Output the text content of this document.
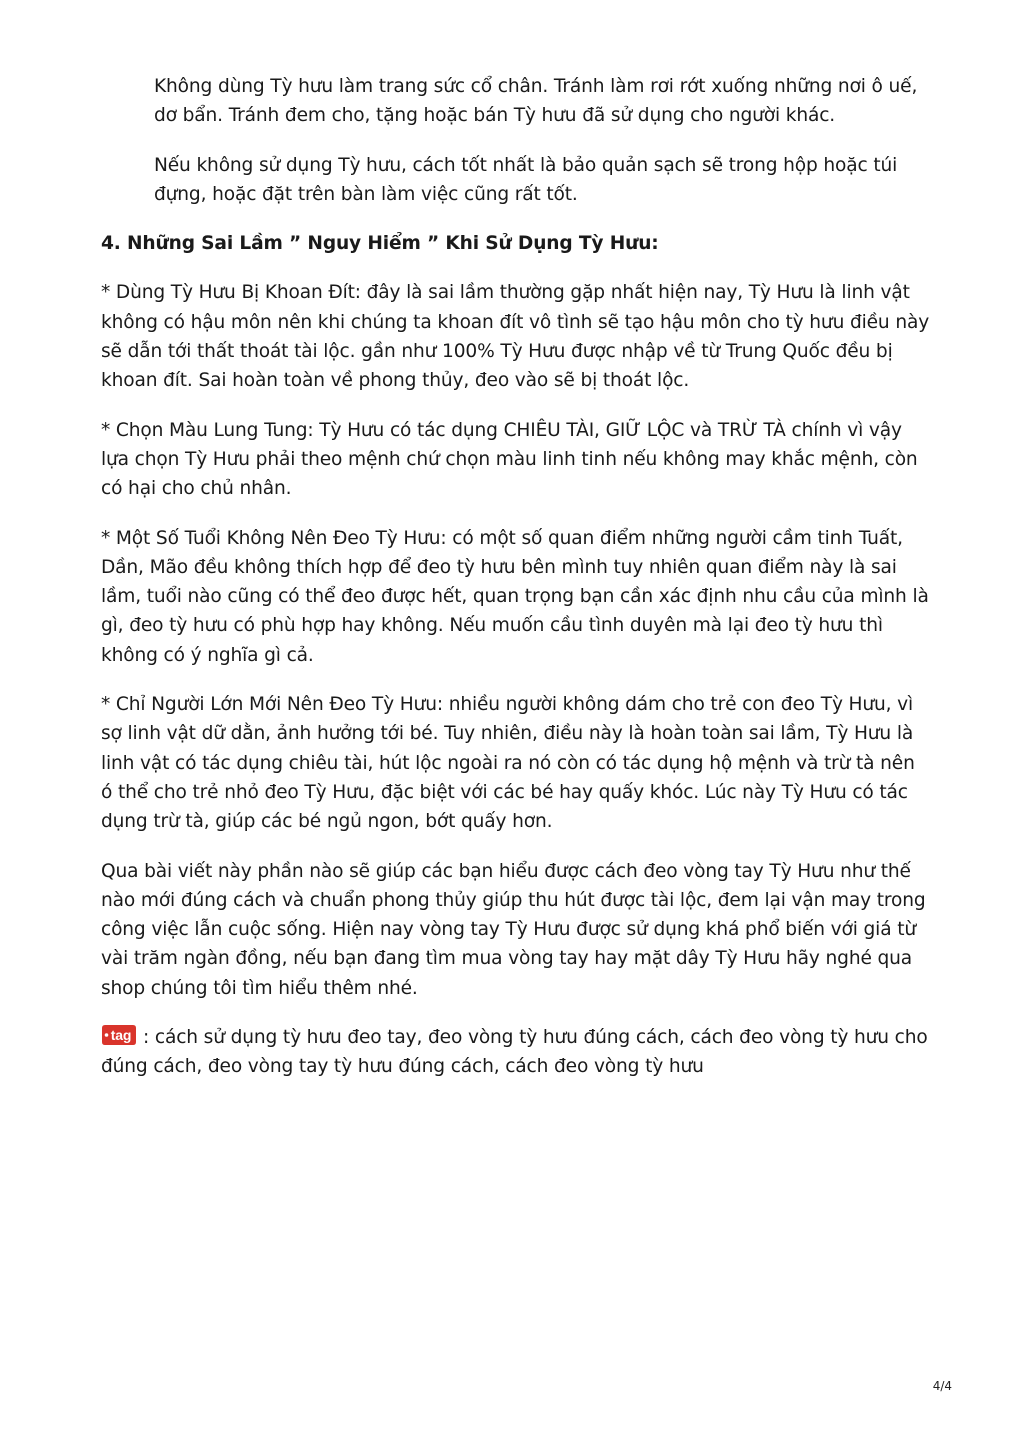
Không dùng Tỳ hưu làm trang sức cổ chân. Tránh làm rơi rớt xuống những nơi ô uế, dơ bẩn. Tránh đem cho, tặng hoặc bán Tỳ hưu đã sử dụng cho người khác.

Nếu không sử dụng Tỳ hưu, cách tốt nhất là bảo quản sạch sẽ trong hộp hoặc túi đựng, hoặc đặt trên bàn làm việc cũng rất tốt.

4. Những Sai Lầm ” Nguy Hiểm ” Khi Sử Dụng Tỳ Hưu:

* Dùng Tỳ Hưu Bị Khoan Đít: đây là sai lầm thường gặp nhất hiện nay, Tỳ Hưu là linh vật không có hậu môn nên khi chúng ta khoan đít vô tình sẽ tạo hậu môn cho tỳ hưu điều này sẽ dẫn tới thất thoát tài lộc. gần như 100% Tỳ Hưu được nhập về từ Trung Quốc đều bị khoan đít. Sai hoàn toàn về phong thủy, đeo vào sẽ bị thoát lộc.

* Chọn Màu Lung Tung: Tỳ Hưu có tác dụng CHIÊU TÀI, GIỮ LỘC và TRỪ TÀ chính vì vậy lựa chọn Tỳ Hưu phải theo mệnh chứ chọn màu linh tinh nếu không may khắc mệnh, còn có hại cho chủ nhân.

* Một Số Tuổi Không Nên Đeo Tỳ Hưu: có một số quan điểm những người cầm tinh Tuất, Dần, Mão đều không thích hợp để đeo tỳ hưu bên mình tuy nhiên quan điểm này là sai lầm, tuổi nào cũng có thể đeo được hết, quan trọng bạn cần xác định nhu cầu của mình là gì, đeo tỳ hưu có phù hợp hay không. Nếu muốn cầu tình duyên mà lại đeo tỳ hưu thì không có ý nghĩa gì cả.

* Chỉ Người Lớn Mới Nên Đeo Tỳ Hưu: nhiều người không dám cho trẻ con đeo Tỳ Hưu, vì sợ linh vật dữ dằn, ảnh hưởng tới bé. Tuy nhiên, điều này là hoàn toàn sai lầm, Tỳ Hưu là linh vật có tác dụng chiêu tài, hút lộc ngoài ra nó còn có tác dụng hộ mệnh và trừ tà nên ó thể cho trẻ nhỏ đeo Tỳ Hưu, đặc biệt với các bé hay quấy khóc. Lúc này Tỳ Hưu có tác dụng trừ tà, giúp các bé ngủ ngon, bớt quấy hơn.

Qua bài viết này phần nào sẽ giúp các bạn hiểu được cách đeo vòng tay Tỳ Hưu như thế nào mới đúng cách và chuẩn phong thủy giúp thu hút được tài lộc, đem lại vận may trong công việc lẫn cuộc sống. Hiện nay vòng tay Tỳ Hưu được sử dụng khá phổ biến với giá từ vài trăm ngàn đồng, nếu bạn đang tìm mua vòng tay hay mặt dây Tỳ Hưu hãy nghé qua shop chúng tôi tìm hiểu thêm nhé.

tag : cách sử dụng tỳ hưu đeo tay, đeo vòng tỳ hưu đúng cách, cách đeo vòng tỳ hưu cho đúng cách, đeo vòng tay tỳ hưu đúng cách, cách đeo vòng tỳ hưu

4/4
